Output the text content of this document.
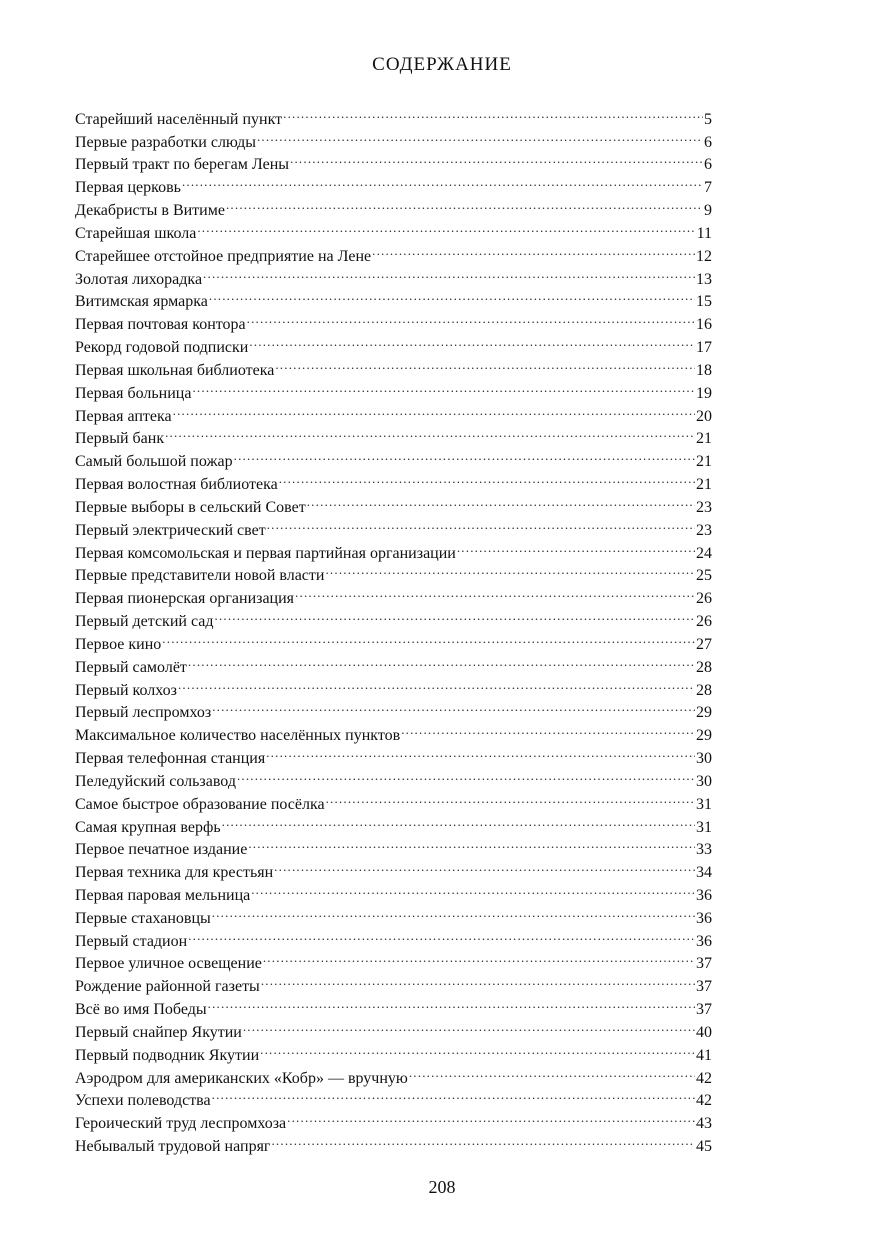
СОДЕРЖАНИЕ
Старейший населённый пункт .....	5
Первые разработки слюды .....	6
Первый тракт по берегам Лены .....	6
Первая церковь .....	7
Декабристы в Витиме .....	9
Старейшая школа .....	11
Старейшее отстойное предприятие на Лене .....	12
Золотая лихорадка .....	13
Витимская ярмарка .....	15
Первая почтовая контора .....	16
Рекорд годовой подписки .....	17
Первая школьная библиотека .....	18
Первая больница .....	19
Первая аптека .....	20
Первый банк .....	21
Самый большой пожар .....	21
Первая волостная библиотека .....	21
Первые выборы в сельский Совет .....	23
Первый электрический свет .....	23
Первая комсомольская и первая партийная организации .....	24
Первые представители новой власти .....	25
Первая пионерская организация .....	26
Первый детский сад .....	26
Первое кино .....	27
Первый самолёт .....	28
Первый колхоз .....	28
Первый леспромхоз .....	29
Максимальное количество населённых пунктов .....	29
Первая телефонная станция .....	30
Пеледуйский сользавод .....	30
Самое быстрое образование посёлка .....	31
Самая крупная верфь .....	31
Первое печатное издание .....	33
Первая техника для крестьян .....	34
Первая паровая мельница .....	36
Первые стахановцы .....	36
Первый стадион .....	36
Первое уличное освещение .....	37
Рождение районной газеты .....	37
Всё во имя Победы .....	37
Первый снайпер Якутии .....	40
Первый подводник Якутии .....	41
Аэродром для американских «Кобр» — вручную .....	42
Успехи полеводства .....	42
Героический труд леспромхоза .....	43
Небывалый трудовой напряг .....	45
208
